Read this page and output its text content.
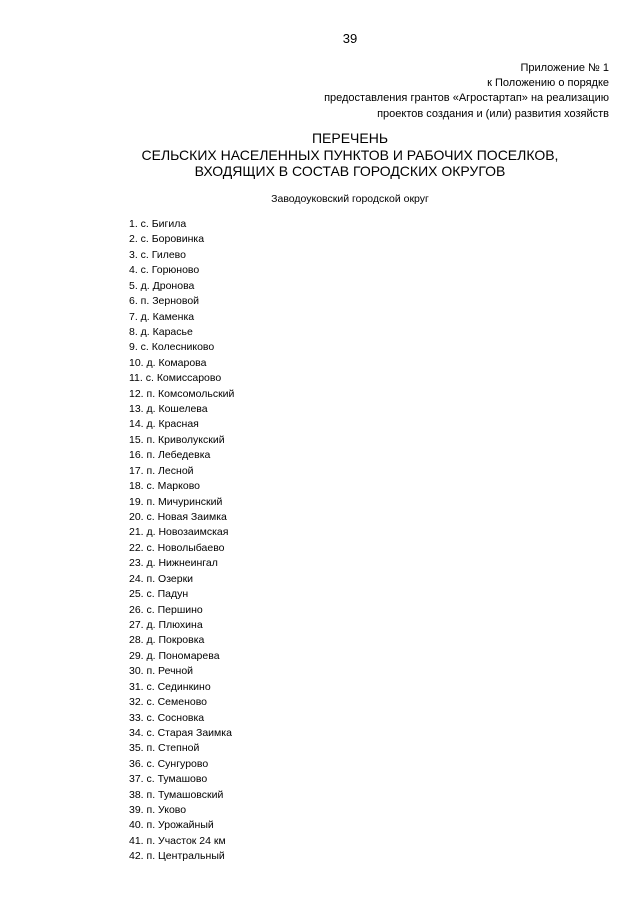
39
Приложение № 1
к Положению о порядке
предоставления грантов «Агростартап» на реализацию
проектов создания и (или) развития хозяйств
ПЕРЕЧЕНЬ
СЕЛЬСКИХ НАСЕЛЕННЫХ ПУНКТОВ И РАБОЧИХ ПОСЕЛКОВ,
ВХОДЯЩИХ В СОСТАВ ГОРОДСКИХ ОКРУГОВ
Заводоуковский городской округ
1. с. Бигила
2. с. Боровинка
3. с. Гилево
4. с. Горюново
5. д. Дронова
6. п. Зерновой
7. д. Каменка
8. д. Карасье
9. с. Колесниково
10. д. Комарова
11. с. Комиссарово
12. п. Комсомольский
13. д. Кошелева
14. д. Красная
15. п. Криволукский
16. п. Лебедевка
17. п. Лесной
18. с. Марково
19. п. Мичуринский
20. с. Новая Заимка
21. д. Новозаимская
22. с. Новолыбаево
23. д. Нижнеингал
24. п. Озерки
25. с. Падун
26. с. Першино
27. д. Плюхина
28. д. Покровка
29. д. Пономарева
30. п. Речной
31. с. Сединкино
32. с. Семеново
33. с. Сосновка
34. с. Старая Заимка
35. п. Степной
36. с. Сунгурово
37. с. Тумашово
38. п. Тумашовский
39. п. Уково
40. п. Урожайный
41. п. Участок 24 км
42. п. Центральный
